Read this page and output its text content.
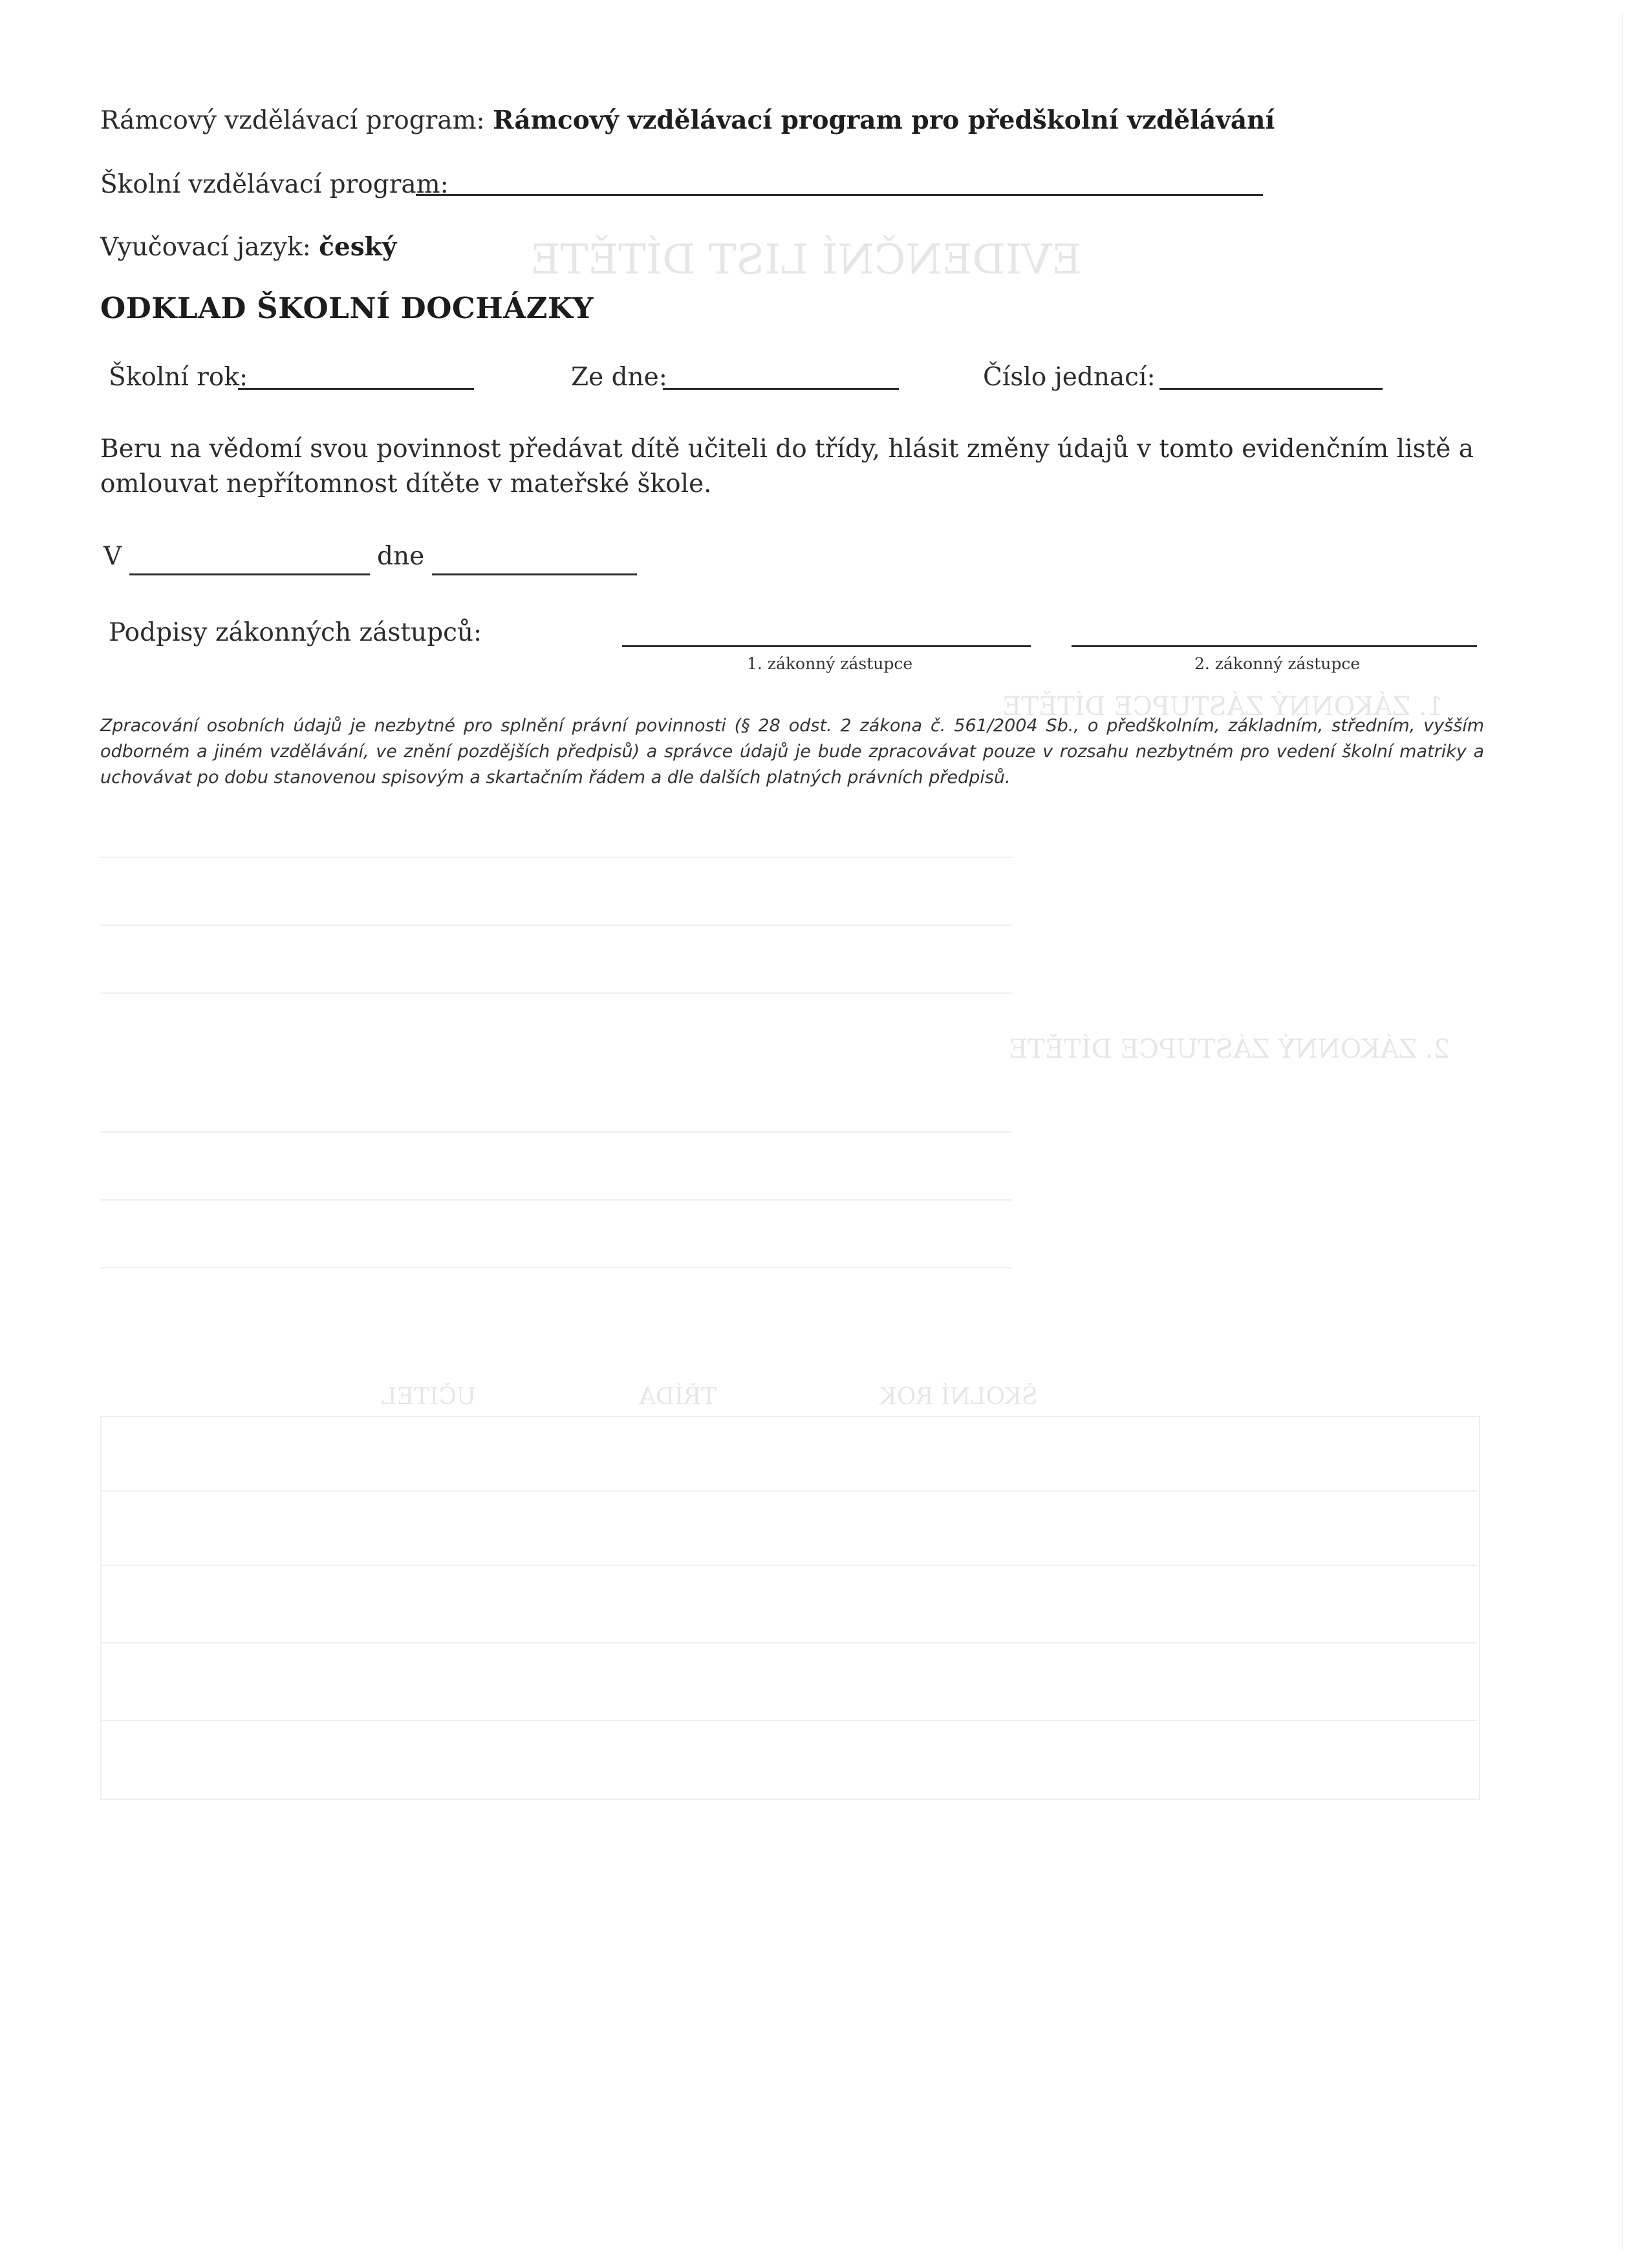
EVIDENČNÍ LIST DÍTĚTE
1. ZÁKONNÝ ZÁSTUPCE DÍTĚTE
2. ZÁKONNÝ ZÁSTUPCE DÍTĚTE
ŠKOLNÍ ROK                      TŘÍDA                      UČITEL
Rámcový vzdělávací program: Rámcový vzdělávací program pro předškolní vzdělávání
Školní vzdělávací program:
Vyučovací jazyk: český
ODKLAD ŠKOLNÍ DOCHÁZKY
Školní rok:	Ze dne:	Číslo jednací:
Beru na vědomí svou povinnost předávat dítě učiteli do třídy, hlásit změny údajů v tomto evidenčním listě a omlouvat nepřítomnost dítěte v mateřské škole.
V	dne
Podpisy zákonných zástupců:
1. zákonný zástupce	2. zákonný zástupce
Zpracování osobních údajů je nezbytné pro splnění právní povinnosti (§ 28 odst. 2 zákona č. 561/2004 Sb., o předškolním, základním, středním, vyšším odborném a jiném vzdělávání, ve znění pozdějších předpisů) a správce údajů je bude zpracovávat pouze v rozsahu nezbytném pro vedení školní matriky a uchovávat po dobu stanovenou spisovým a skartačním řádem a dle dalších platných právních předpisů.
